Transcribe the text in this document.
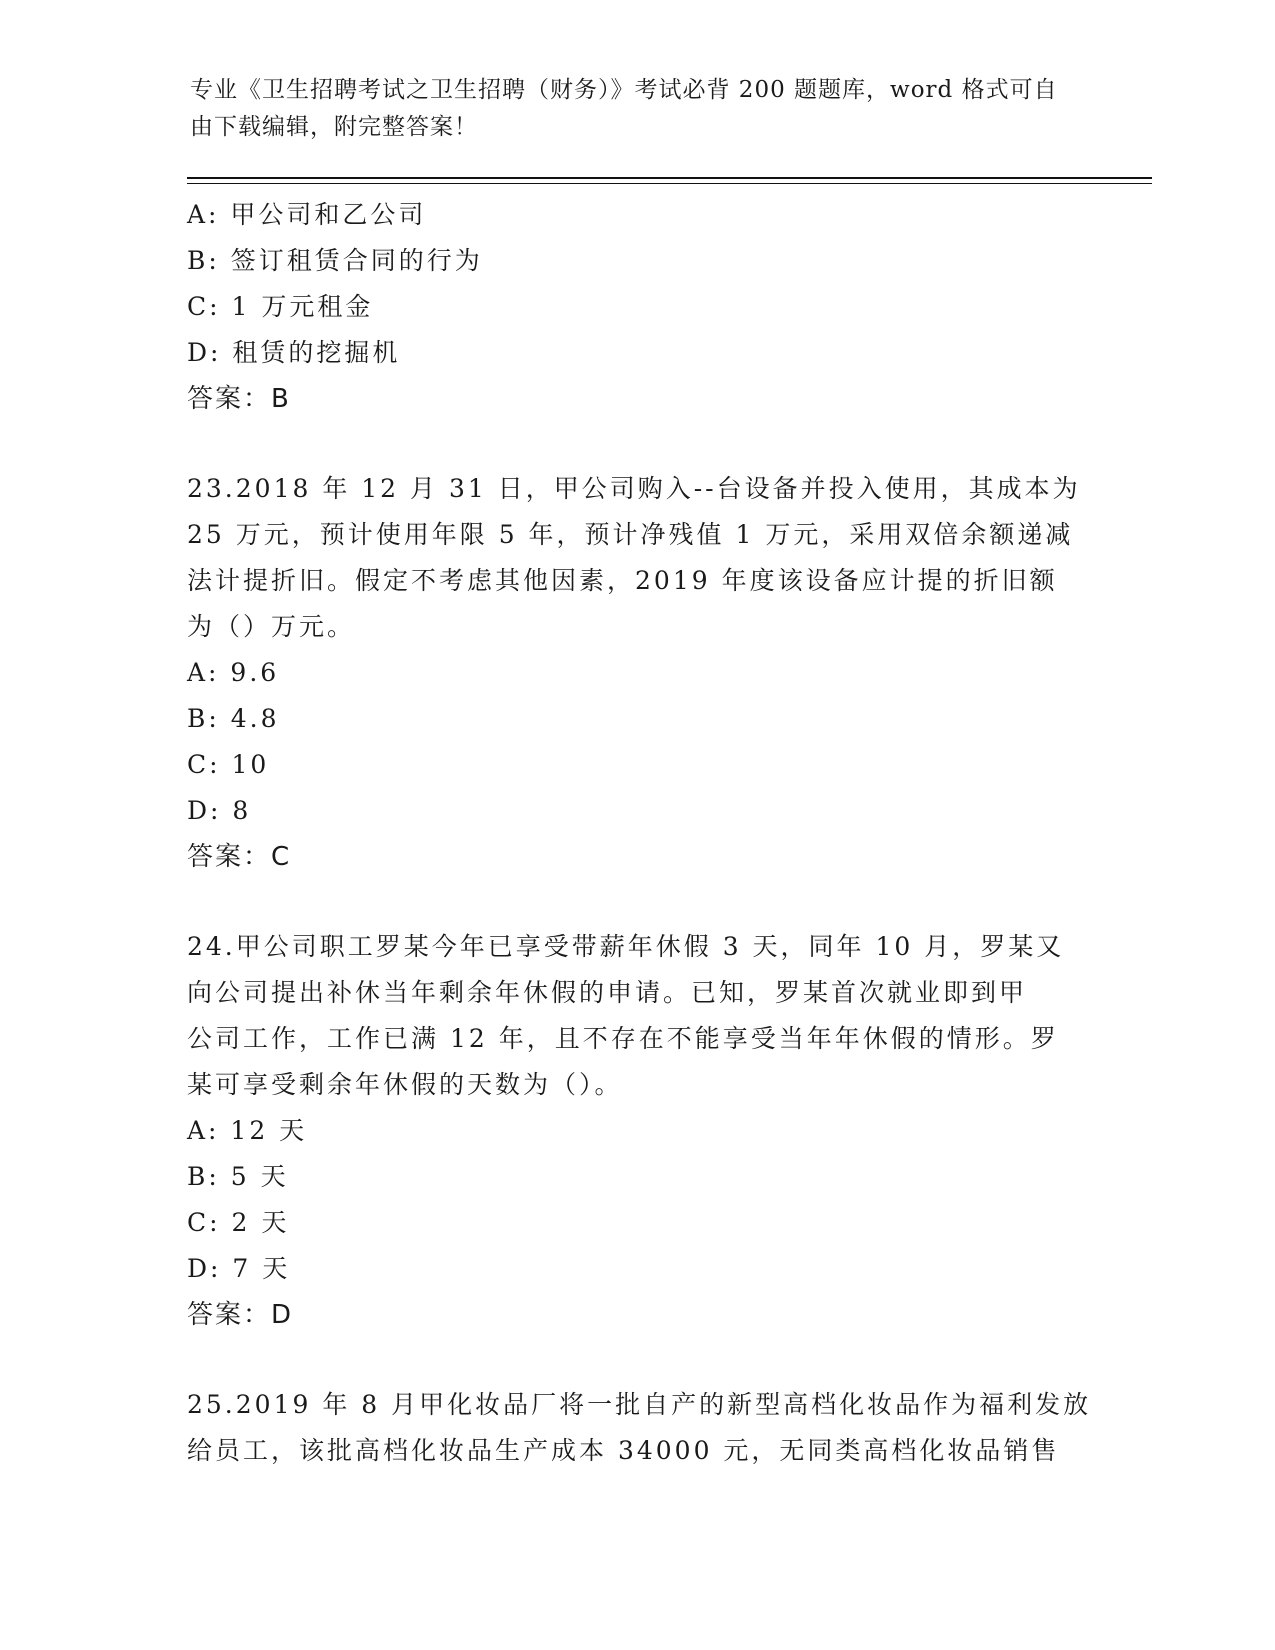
专业《卫生招聘考试之卫生招聘（财务）》考试必背 200 题题库，word 格式可自
由下载编辑，附完整答案！
A: 甲公司和乙公司
B: 签订租赁合同的行为
C: 1 万元租金
D: 租赁的挖掘机
答案：B
23.2018 年 12 月 31 日，甲公司购入--台设备并投入使用，其成本为
25 万元，预计使用年限 5 年，预计净残值 1 万元，采用双倍余额递减
法计提折旧。假定不考虑其他因素，2019 年度该设备应计提的折旧额
为（）万元。
A: 9.6
B: 4.8
C: 10
D: 8
答案：C
24.甲公司职工罗某今年已享受带薪年休假 3 天，同年 10 月，罗某又
向公司提出补休当年剩余年休假的申请。已知，罗某首次就业即到甲
公司工作，工作已满 12 年，且不存在不能享受当年年休假的情形。罗
某可享受剩余年休假的天数为（）。
A: 12 天
B: 5 天
C: 2 天
D: 7 天
答案：D
25.2019 年 8 月甲化妆品厂将一批自产的新型高档化妆品作为福利发放
给员工，该批高档化妆品生产成本 34000 元，无同类高档化妆品销售
